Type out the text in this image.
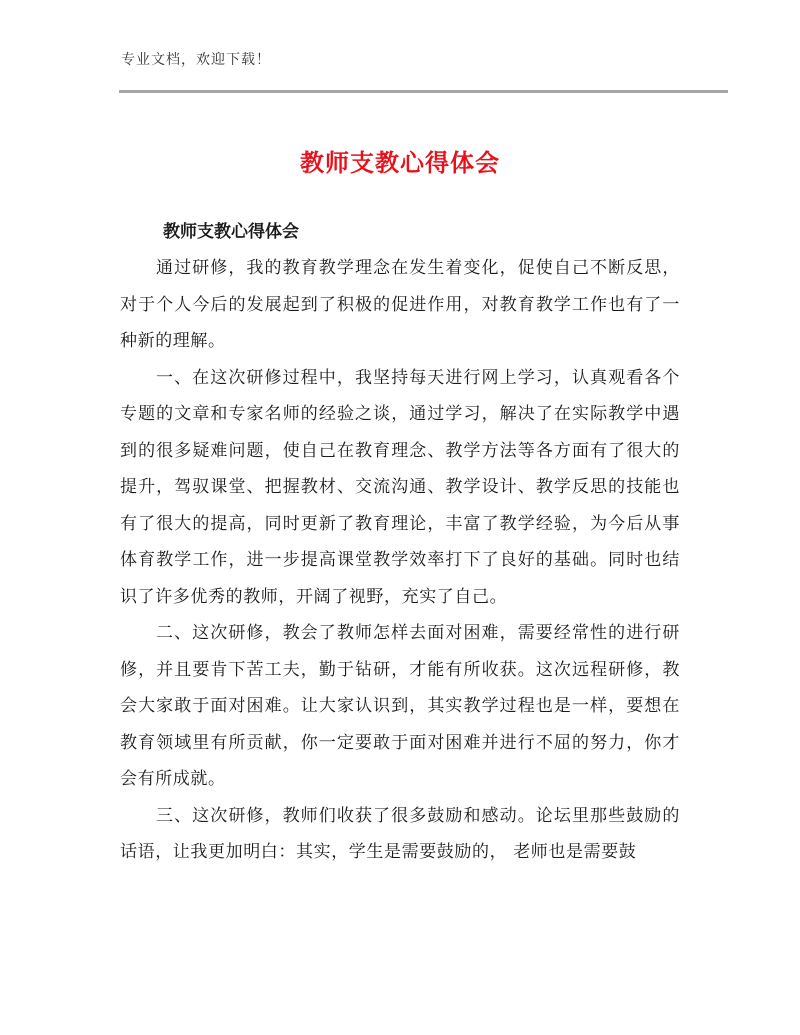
专业文档，欢迎下载！
教师支教心得体会

教师支教心得体会

通过研修，我的教育教学理念在发生着变化，促使自己不断反思，对于个人今后的发展起到了积极的促进作用，对教育教学工作也有了一种新的理解。

一、在这次研修过程中，我坚持每天进行网上学习，认真观看各个专题的文章和专家名师的经验之谈，通过学习，解决了在实际教学中遇到的很多疑难问题，使自己在教育理念、教学方法等各方面有了很大的提升，驾驭课堂、把握教材、交流沟通、教学设计、教学反思的技能也有了很大的提高，同时更新了教育理论，丰富了教学经验，为今后从事体育教学工作，进一步提高课堂教学效率打下了良好的基础。同时也结识了许多优秀的教师，开阔了视野，充实了自己。

二、这次研修，教会了教师怎样去面对困难，需要经常性的进行研修，并且要肯下苦工夫，勤于钻研，才能有所收获。这次远程研修，教会大家敢于面对困难。让大家认识到，其实教学过程也是一样，要想在教育领域里有所贡献，你一定要敢于面对困难并进行不屈的努力，你才会有所成就。

三、这次研修，教师们收获了很多鼓励和感动。论坛里那些鼓励的话语，让我更加明白：其实，学生是需要鼓励的， 老师也是需要鼓
